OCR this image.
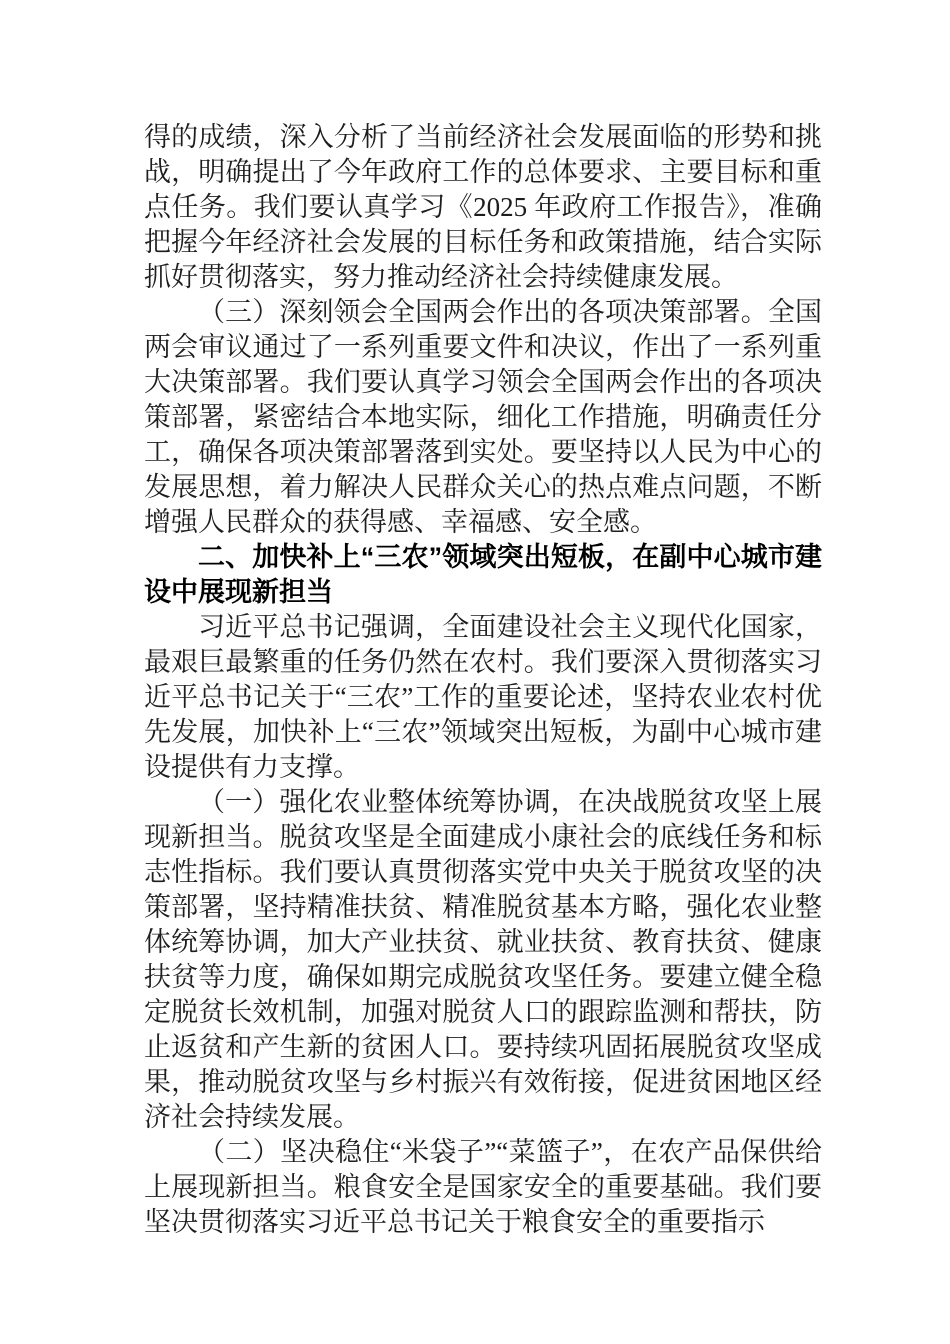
得的成绩，深入分析了当前经济社会发展面临的形势和挑战，明确提出了今年政府工作的总体要求、主要目标和重点任务。我们要认真学习《2025 年政府工作报告》，准确把握今年经济社会发展的目标任务和政策措施，结合实际抓好贯彻落实，努力推动经济社会持续健康发展。

（三）深刻领会全国两会作出的各项决策部署。全国两会审议通过了一系列重要文件和决议，作出了一系列重大决策部署。我们要认真学习领会全国两会作出的各项决策部署，紧密结合本地实际，细化工作措施，明确责任分工，确保各项决策部署落到实处。要坚持以人民为中心的发展思想，着力解决人民群众关心的热点难点问题，不断增强人民群众的获得感、幸福感、安全感。

二、加快补上“三农”领域突出短板，在副中心城市建设中展现新担当

习近平总书记强调，全面建设社会主义现代化国家，最艰巨最繁重的任务仍然在农村。我们要深入贯彻落实习近平总书记关于“三农”工作的重要论述，坚持农业农村优先发展，加快补上“三农”领域突出短板，为副中心城市建设提供有力支撑。

（一）强化农业整体统筹协调，在决战脱贫攻坚上展现新担当。脱贫攻坚是全面建成小康社会的底线任务和标志性指标。我们要认真贯彻落实党中央关于脱贫攻坚的决策部署，坚持精准扶贫、精准脱贫基本方略，强化农业整体统筹协调，加大产业扶贫、就业扶贫、教育扶贫、健康扶贫等力度，确保如期完成脱贫攻坚任务。要建立健全稳定脱贫长效机制，加强对脱贫人口的跟踪监测和帮扶，防止返贫和产生新的贫困人口。要持续巩固拓展脱贫攻坚成果，推动脱贫攻坚与乡村振兴有效衔接，促进贫困地区经济社会持续发展。

（二）坚决稳住“米袋子”“菜篮子”，在农产品保供给上展现新担当。粮食安全是国家安全的重要基础。我们要坚决贯彻落实习近平总书记关于粮食安全的重要指示
